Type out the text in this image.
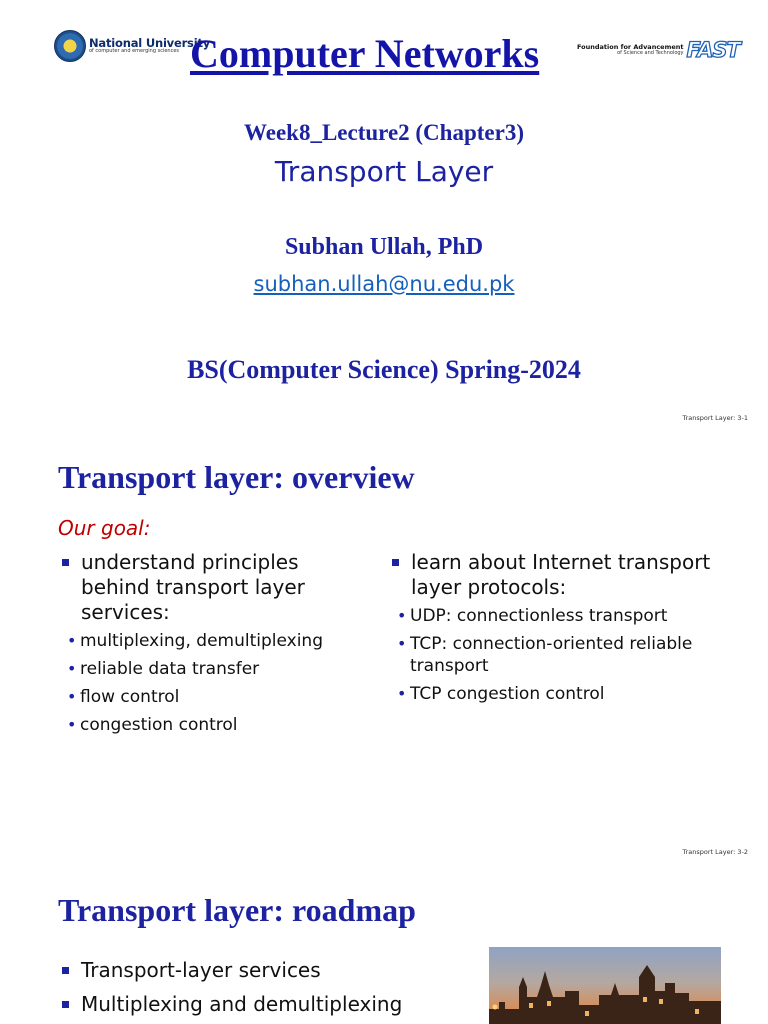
National University
of computer and emerging sciences Computer Networks	Foundation for Advancement
of Science and Technology FAST
Week8_Lecture2 (Chapter3)
Transport Layer
Subhan Ullah, PhD
subhan.ullah@nu.edu.pk
BS(Computer Science) Spring-2024
Transport Layer: 3-1
Transport layer: overview
Our goal:
understand principles behind transport layer services:
• multiplexing, demultiplexing
• reliable data transfer
• flow control
• congestion control
learn about Internet transport layer protocols:
• UDP: connectionless transport
• TCP: connection-oriented reliable transport
• TCP congestion control
Transport Layer: 3-2
Transport layer: roadmap
Transport-layer services
Multiplexing and demultiplexing
